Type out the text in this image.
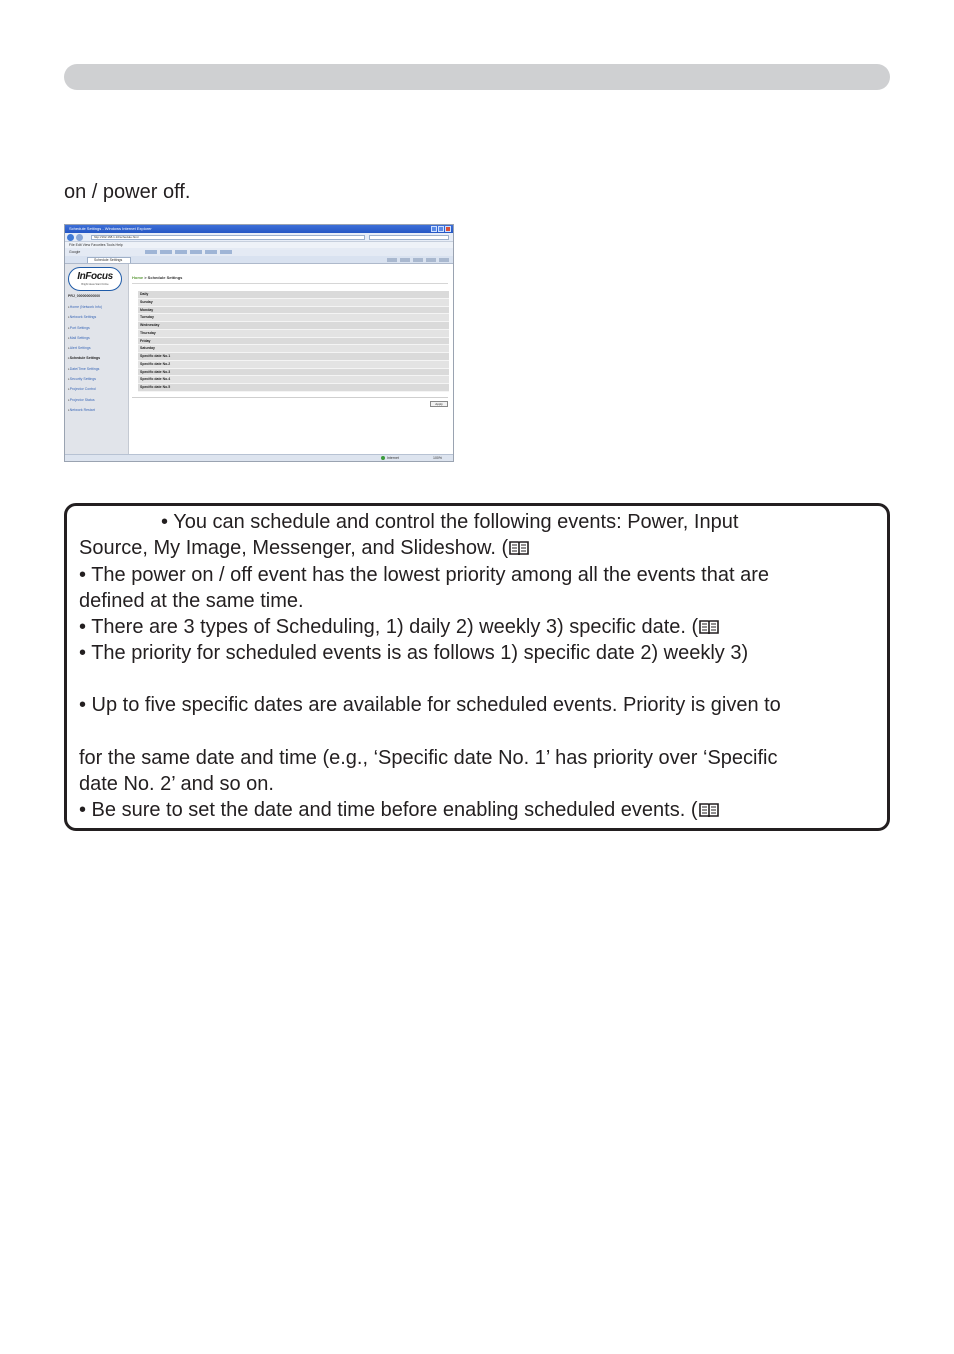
on / power off.
Schedule Settings - Windows Internet Explorer
http://192.168.1.10/schedule.html
File Edit View Favorites Tools Help
Google
Schedule Settings
InFocus
Bright Ideas Start Online
PRJ_000000000000
▸ Home (Network Info)
▸ Network Settings
▸ Port Settings
▸ Mail Settings
▸ Alert Settings
▸ Schedule Settings
▸ Date/Time Settings
▸ Security Settings
▸ Projector Control
▸ Projector Status
▸ Network Restart
Home > Schedule Settings
Daily
Sunday
Monday
Tuesday
Wednesday
Thursday
Friday
Saturday
Specific date No.1
Specific date No.2
Specific date No.3
Specific date No.4
Specific date No.5
Apply
Internet	100%

• You can schedule and control the following events: Power, Input

Source, My Image, Messenger, and Slideshow. (

• The power on / off event has the lowest priority among all the events that are

defined at the same time.

• There are 3 types of Scheduling, 1) daily 2) weekly 3) specific date. (

• The priority for scheduled events is as follows 1) specific date 2) weekly 3)

• Up to five specific dates are available for scheduled events. Priority is given to

for the same date and time (e.g., ‘Specific date No. 1’ has priority over ‘Specific

date No. 2’ and so on.

• Be sure to set the date and time before enabling scheduled events. (
